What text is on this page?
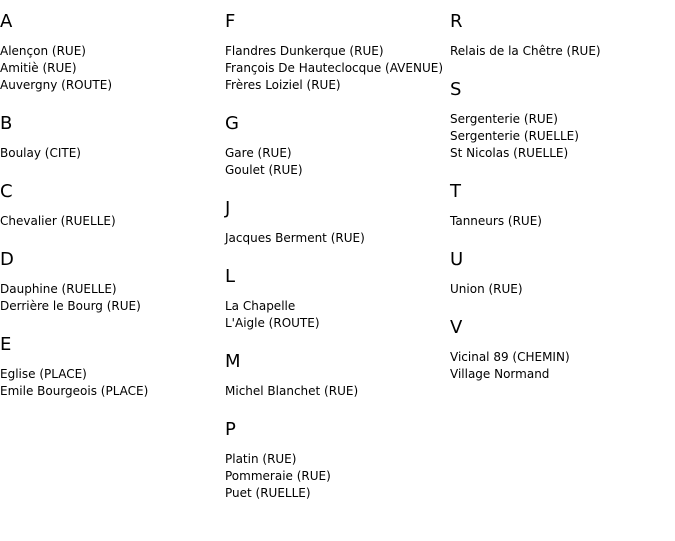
A
Alençon (RUE)
Amitiè (RUE)
Auvergny (ROUTE)
B
Boulay (CITE)
C
Chevalier (RUELLE)
D
Dauphine (RUELLE)
Derrière le Bourg (RUE)
E
Eglise (PLACE)
Emile Bourgeois (PLACE)
F
Flandres Dunkerque (RUE)
François De Hauteclocque (AVENUE)
Frères Loiziel (RUE)
G
Gare (RUE)
Goulet (RUE)
J
Jacques Berment (RUE)
L
La Chapelle
L'Aigle (ROUTE)
M
Michel Blanchet (RUE)
P
Platin (RUE)
Pommeraie (RUE)
Puet (RUELLE)
R
Relais de la Chêtre (RUE)
S
Sergenterie (RUE)
Sergenterie (RUELLE)
St Nicolas (RUELLE)
T
Tanneurs (RUE)
U
Union (RUE)
V
Vicinal 89 (CHEMIN)
Village Normand
